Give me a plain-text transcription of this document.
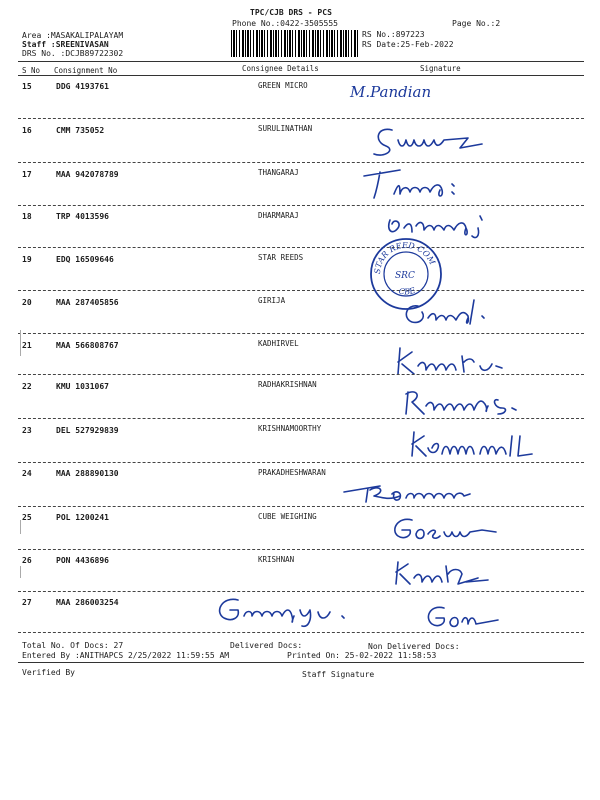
TPC/CJB DRS - PCS
Phone No.:0422-3505555	Page No.:2
Area :MASAKALIPALAYAM
Staff :SREENIVASAN
DRS No. :DCJB89722302
RS No.:897223
RS Date:25-Feb-2022
S No Consignment No	Consignee Details	Signature
15	DDG 4193761	GREEN MICRO	M.Pandian
16	CMM 735052	SURULINATHAN
17	MAA 942078789	THANGARAJ
18	TRP 4013596	DHARMARAJ
19	EDQ 16509646	STAR REEDS
20	MAA 287405856	GIRIJA
STAR REED COM
CBE
SRC
21	MAA 566808767	KADHIRVEL
22	KMU 1031067	RADHAKRISHNAN
23	DEL 527929839	KRISHNAMOORTHY
24	MAA 288890130	PRAKADHESHWARAN
25	POL 1200241	CUBE WEIGHING
26	PON 4436896	KRISHNAN
27	MAA 286003254
Total No. Of Docs: 27	Delivered Docs:	Non Delivered Docs:
Entered By :ANITHAPCS 2/25/2022 11:59:55 AM	Printed On: 25-02-2022 11:58:53
Verified By	Staff Signature
